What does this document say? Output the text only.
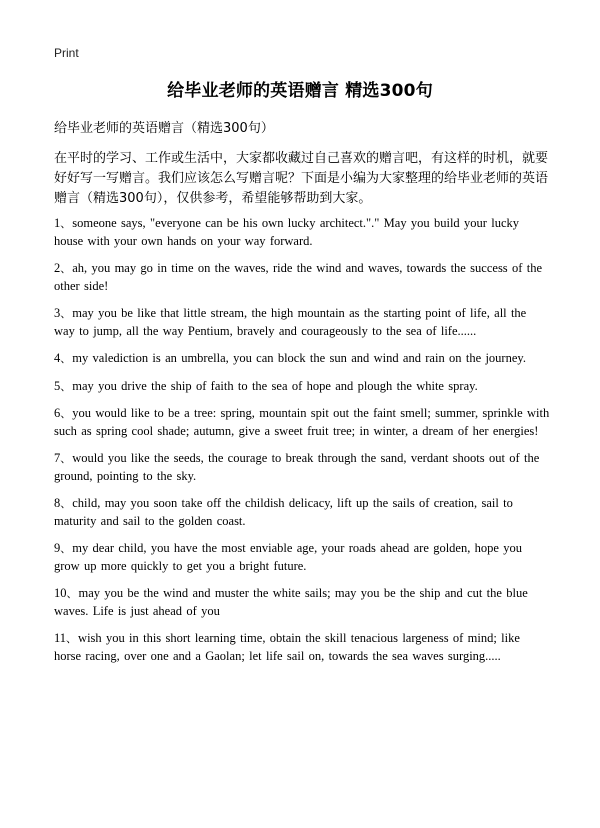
Print
给毕业老师的英语赠言 精选300句
给毕业老师的英语赠言（精选300句）

在平时的学习、工作或生活中，大家都收藏过自己喜欢的赠言吧，有这样的时机，就要好好写一写赠言。我们应该怎么写赠言呢？下面是小编为大家整理的给毕业老师的英语赠言（精选300句），仅供参考，希望能够帮助到大家。

1、someone says, "everyone can be his own lucky architect."." May you build your lucky house with your own hands on your way forward.
2、ah, you may go in time on the waves, ride the wind and waves, towards the success of the other side!
3、may you be like that little stream, the high mountain as the starting point of life, all the way to jump, all the way Pentium, bravely and courageously to the sea of life......
4、my valediction is an umbrella, you can block the sun and wind and rain on the journey.
5、may you drive the ship of faith to the sea of hope and plough the white spray.
6、you would like to be a tree: spring, mountain spit out the faint smell; summer, sprinkle with such as spring cool shade; autumn, give a sweet fruit tree; in winter, a dream of her energies!
7、would you like the seeds, the courage to break through the sand, verdant shoots out of the ground, pointing to the sky.
8、child, may you soon take off the childish delicacy, lift up the sails of creation, sail to maturity and sail to the golden coast.
9、my dear child, you have the most enviable age, your roads ahead are golden, hope you grow up more quickly to get you a bright future.
10、may you be the wind and muster the white sails; may you be the ship and cut the blue waves. Life is just ahead of you
11、wish you in this short learning time, obtain the skill tenacious largeness of mind; like horse racing, over one and a Gaolan; let life sail on, towards the sea waves surging.....
